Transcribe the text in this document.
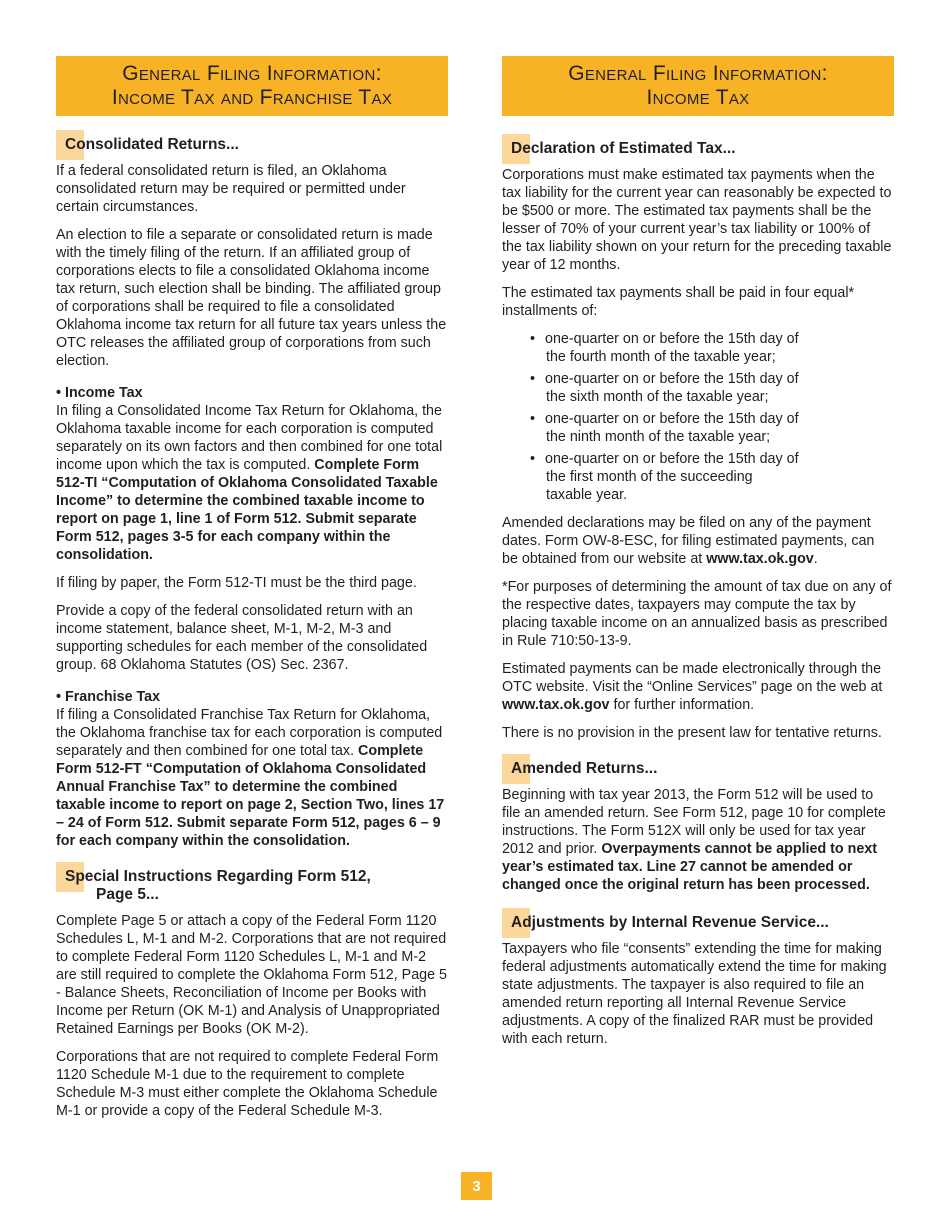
General Filing Information:
Income Tax and Franchise Tax
Consolidated Returns...

If a federal consolidated return is filed, an Oklahoma consolidated return may be required or permitted under certain circumstances.

An election to file a separate or consolidated return is made with the timely filing of the return. If an affiliated group of corporations elects to file a consolidated Oklahoma income tax return, such election shall be binding. The affiliated group of corporations shall be required to file a consolidated Oklahoma income tax return for all future tax years unless the OTC releases the affiliated group of corporations from such election.

• Income Tax

In filing a Consolidated Income Tax Return for Oklahoma, the Oklahoma taxable income for each corporation is computed separately on its own factors and then combined for one total income upon which the tax is computed. Complete Form 512-TI “Computation of Oklahoma Consolidated Taxable Income” to determine the combined taxable income to report on page 1, line 1 of Form 512. Submit separate Form 512, pages 3-5 for each company within the consolidation.

If filing by paper, the Form 512-TI must be the third page.

Provide a copy of the federal consolidated return with an income statement, balance sheet, M-1, M-2, M-3 and supporting schedules for each member of the consolidated group. 68 Oklahoma Statutes (OS) Sec. 2367.

• Franchise Tax

If filing a Consolidated Franchise Tax Return for Oklahoma, the Oklahoma franchise tax for each corporation is computed separately and then combined for one total tax. Complete Form 512-FT “Computation of Oklahoma Consolidated Annual Franchise Tax” to determine the combined taxable income to report on page 2, Section Two, lines 17 – 24 of Form 512. Submit separate Form 512, pages 6 – 9 for each company within the consolidation.

Special Instructions Regarding Form 512,
Page 5...

Complete Page 5 or attach a copy of the Federal Form 1120 Schedules L, M-1 and M-2. Corporations that are not required to complete Federal Form 1120 Schedules L, M-1 and M-2 are still required to complete the Oklahoma Form 512, Page 5 - Balance Sheets, Reconciliation of Income per Books with Income per Return (OK M-1) and Analysis of Unappropriated Retained Earnings per Books (OK M-2).

Corporations that are not required to complete Federal Form 1120 Schedule M-1 due to the requirement to complete Schedule M-3 must either complete the Oklahoma Schedule M-1 or provide a copy of the Federal Schedule M-3.

General Filing Information:
Income Tax
Declaration of Estimated Tax...

Corporations must make estimated tax payments when the tax liability for the current year can reasonably be expected to be $500 or more. The estimated tax payments shall be the lesser of 70% of your current year’s tax liability or 100% of the tax liability shown on your return for the preceding taxable year of 12 months.

The estimated tax payments shall be paid in four equal* installments of:

• one-quarter on or before the 15th day of
the fourth month of the taxable year;
• one-quarter on or before the 15th day of
the sixth month of the taxable year;
• one-quarter on or before the 15th day of
the ninth month of the taxable year;
• one-quarter on or before the 15th day of
the first month of the succeeding
taxable year.

Amended declarations may be filed on any of the payment dates. Form OW-8-ESC, for filing estimated payments, can be obtained from our website at www.tax.ok.gov.

*For purposes of determining the amount of tax due on any of the respective dates, taxpayers may compute the tax by placing taxable income on an annualized basis as prescribed in Rule 710:50-13-9.

Estimated payments can be made electronically through the OTC website. Visit the “Online Services” page on the web at www.tax.ok.gov for further information.

There is no provision in the present law for tentative returns.

Amended Returns...

Beginning with tax year 2013, the Form 512 will be used to file an amended return. See Form 512, page 10 for complete instructions. The Form 512X will only be used for tax year 2012 and prior. Overpayments cannot be applied to next year’s estimated tax. Line 27 cannot be amended or changed once the original return has been processed.

Adjustments by Internal Revenue Service...

Taxpayers who file “consents” extending the time for making federal adjustments automatically extend the time for making state adjustments. The taxpayer is also required to file an amended return reporting all Internal Revenue Service adjustments. A copy of the finalized RAR must be provided with each return.

3
